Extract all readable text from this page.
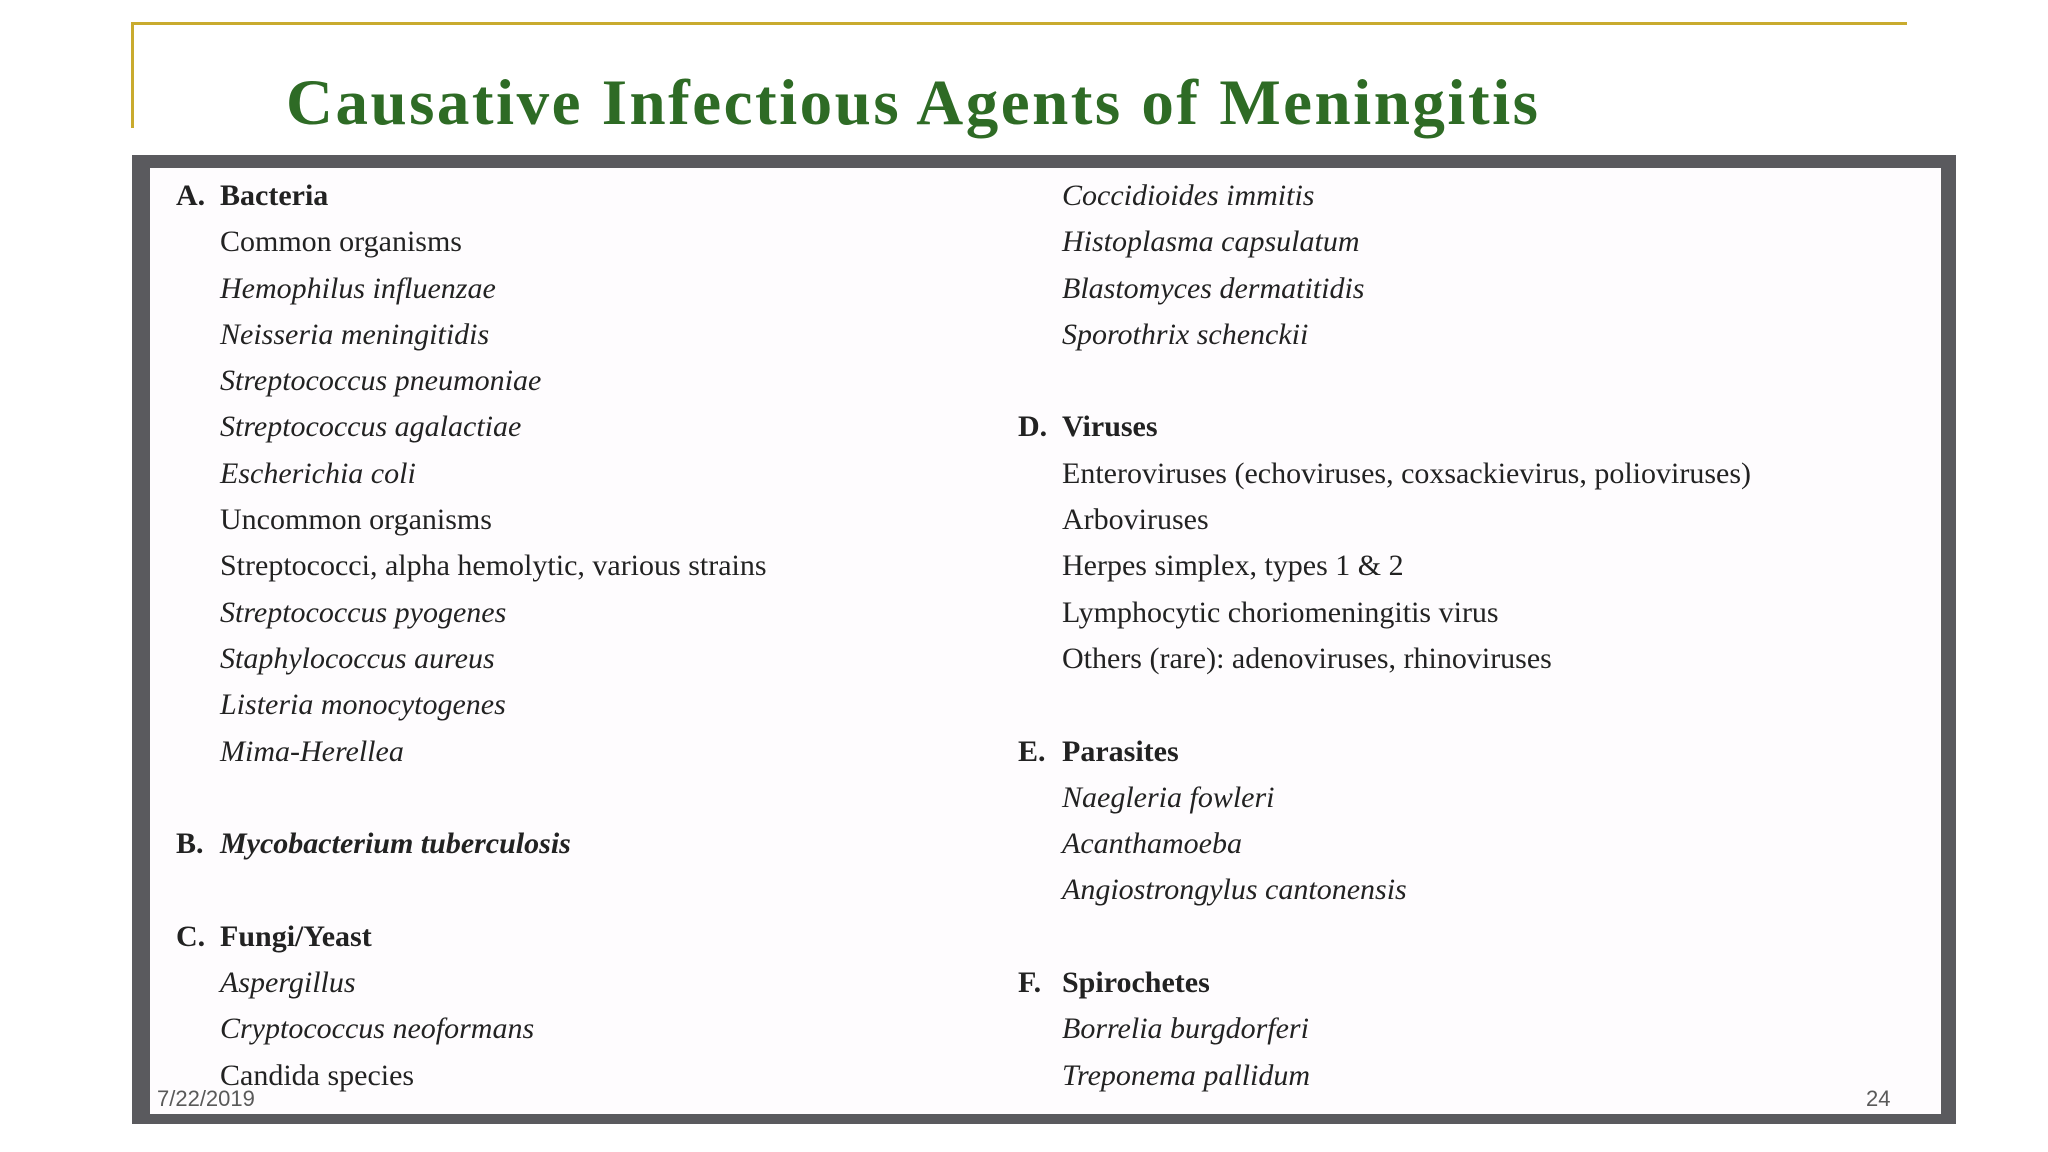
Causative Infectious Agents of Meningitis
A. Bacteria
Common organisms
Hemophilus influenzae
Neisseria meningitidis
Streptococcus pneumoniae
Streptococcus agalactiae
Escherichia coli
Uncommon organisms
Streptococci, alpha hemolytic, various strains
Streptococcus pyogenes
Staphylococcus aureus
Listeria monocytogenes
Mima-Herellea
B. Mycobacterium tuberculosis
C. Fungi/Yeast
Aspergillus
Cryptococcus neoformans
Candida species
Coccidioides immitis
Histoplasma capsulatum
Blastomyces dermatitidis
Sporothrix schenckii
D. Viruses
Enteroviruses (echoviruses, coxsackievirus, polioviruses)
Arboviruses
Herpes simplex, types 1 & 2
Lymphocytic choriomeningitis virus
Others (rare): adenoviruses, rhinoviruses
E. Parasites
Naegleria fowleri
Acanthamoeba
Angiostrongylus cantonensis
F. Spirochetes
Borrelia burgdorferi
Treponema pallidum

7/22/2019	24
